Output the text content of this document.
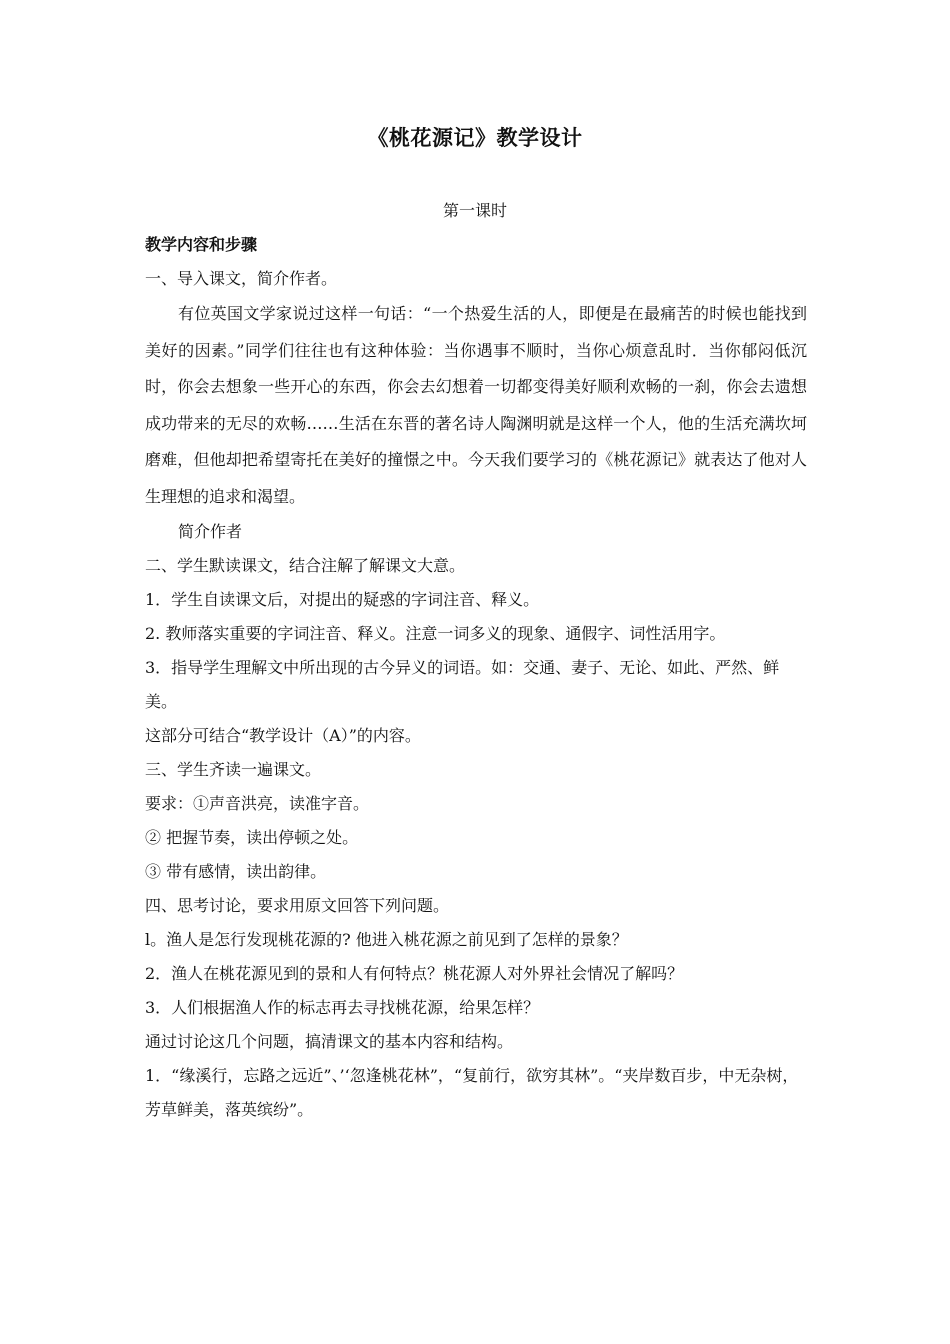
《桃花源记》教学设计
第一课时

教学内容和步骤

一、导入课文，简介作者。

有位英国文学家说过这样一句话：“一个热爱生活的人，即便是在最痛苦的时候也能找到美好的因素。”同学们往往也有这种体验：当你遇事不顺时，当你心烦意乱时．当你郁闷低沉时，你会去想象一些开心的东西，你会去幻想着一切都变得美好顺利欢畅的一刹，你会去遗想成功带来的无尽的欢畅……生活在东晋的著名诗人陶渊明就是这样一个人，他的生活充满坎坷磨难，但他却把希望寄托在美好的撞憬之中。今天我们要学习的《桃花源记》就表达了他对人生理想的追求和渴望。

简介作者

二、学生默读课文，结合注解了解课文大意。

1．学生自读课文后，对提出的疑惑的字词注音、释义。

2. 教师落实重要的字词注音、释义。注意一词多义的现象、通假字、词性活用字。

3．指导学生理解文中所出现的古今异义的词语。如：交通、妻子、无论、如此、严然、鲜美。

这部分可结合“教学设计（A）”的内容。

三、学生齐读一遍课文。

要求：①声音洪亮，读准字音。

② 把握节奏，读出停顿之处。

③ 带有感情，读出韵律。

四、思考讨论，要求用原文回答下列问题。

l。渔人是怎行发现桃花源的? 他进入桃花源之前见到了怎样的景象？

2．渔人在桃花源见到的景和人有何特点？桃花源人对外界社会情况了解吗？

3．人们根据渔人作的标志再去寻找桃花源，给果怎样？

通过讨论这几个问题，搞清课文的基本内容和结构。

1．“缘溪行，忘路之远近”、’‘忽逢桃花林”，“复前行，欲穷其林”。“夹岸数百步，中无杂树，芳草鲜美，落英缤纷”。
